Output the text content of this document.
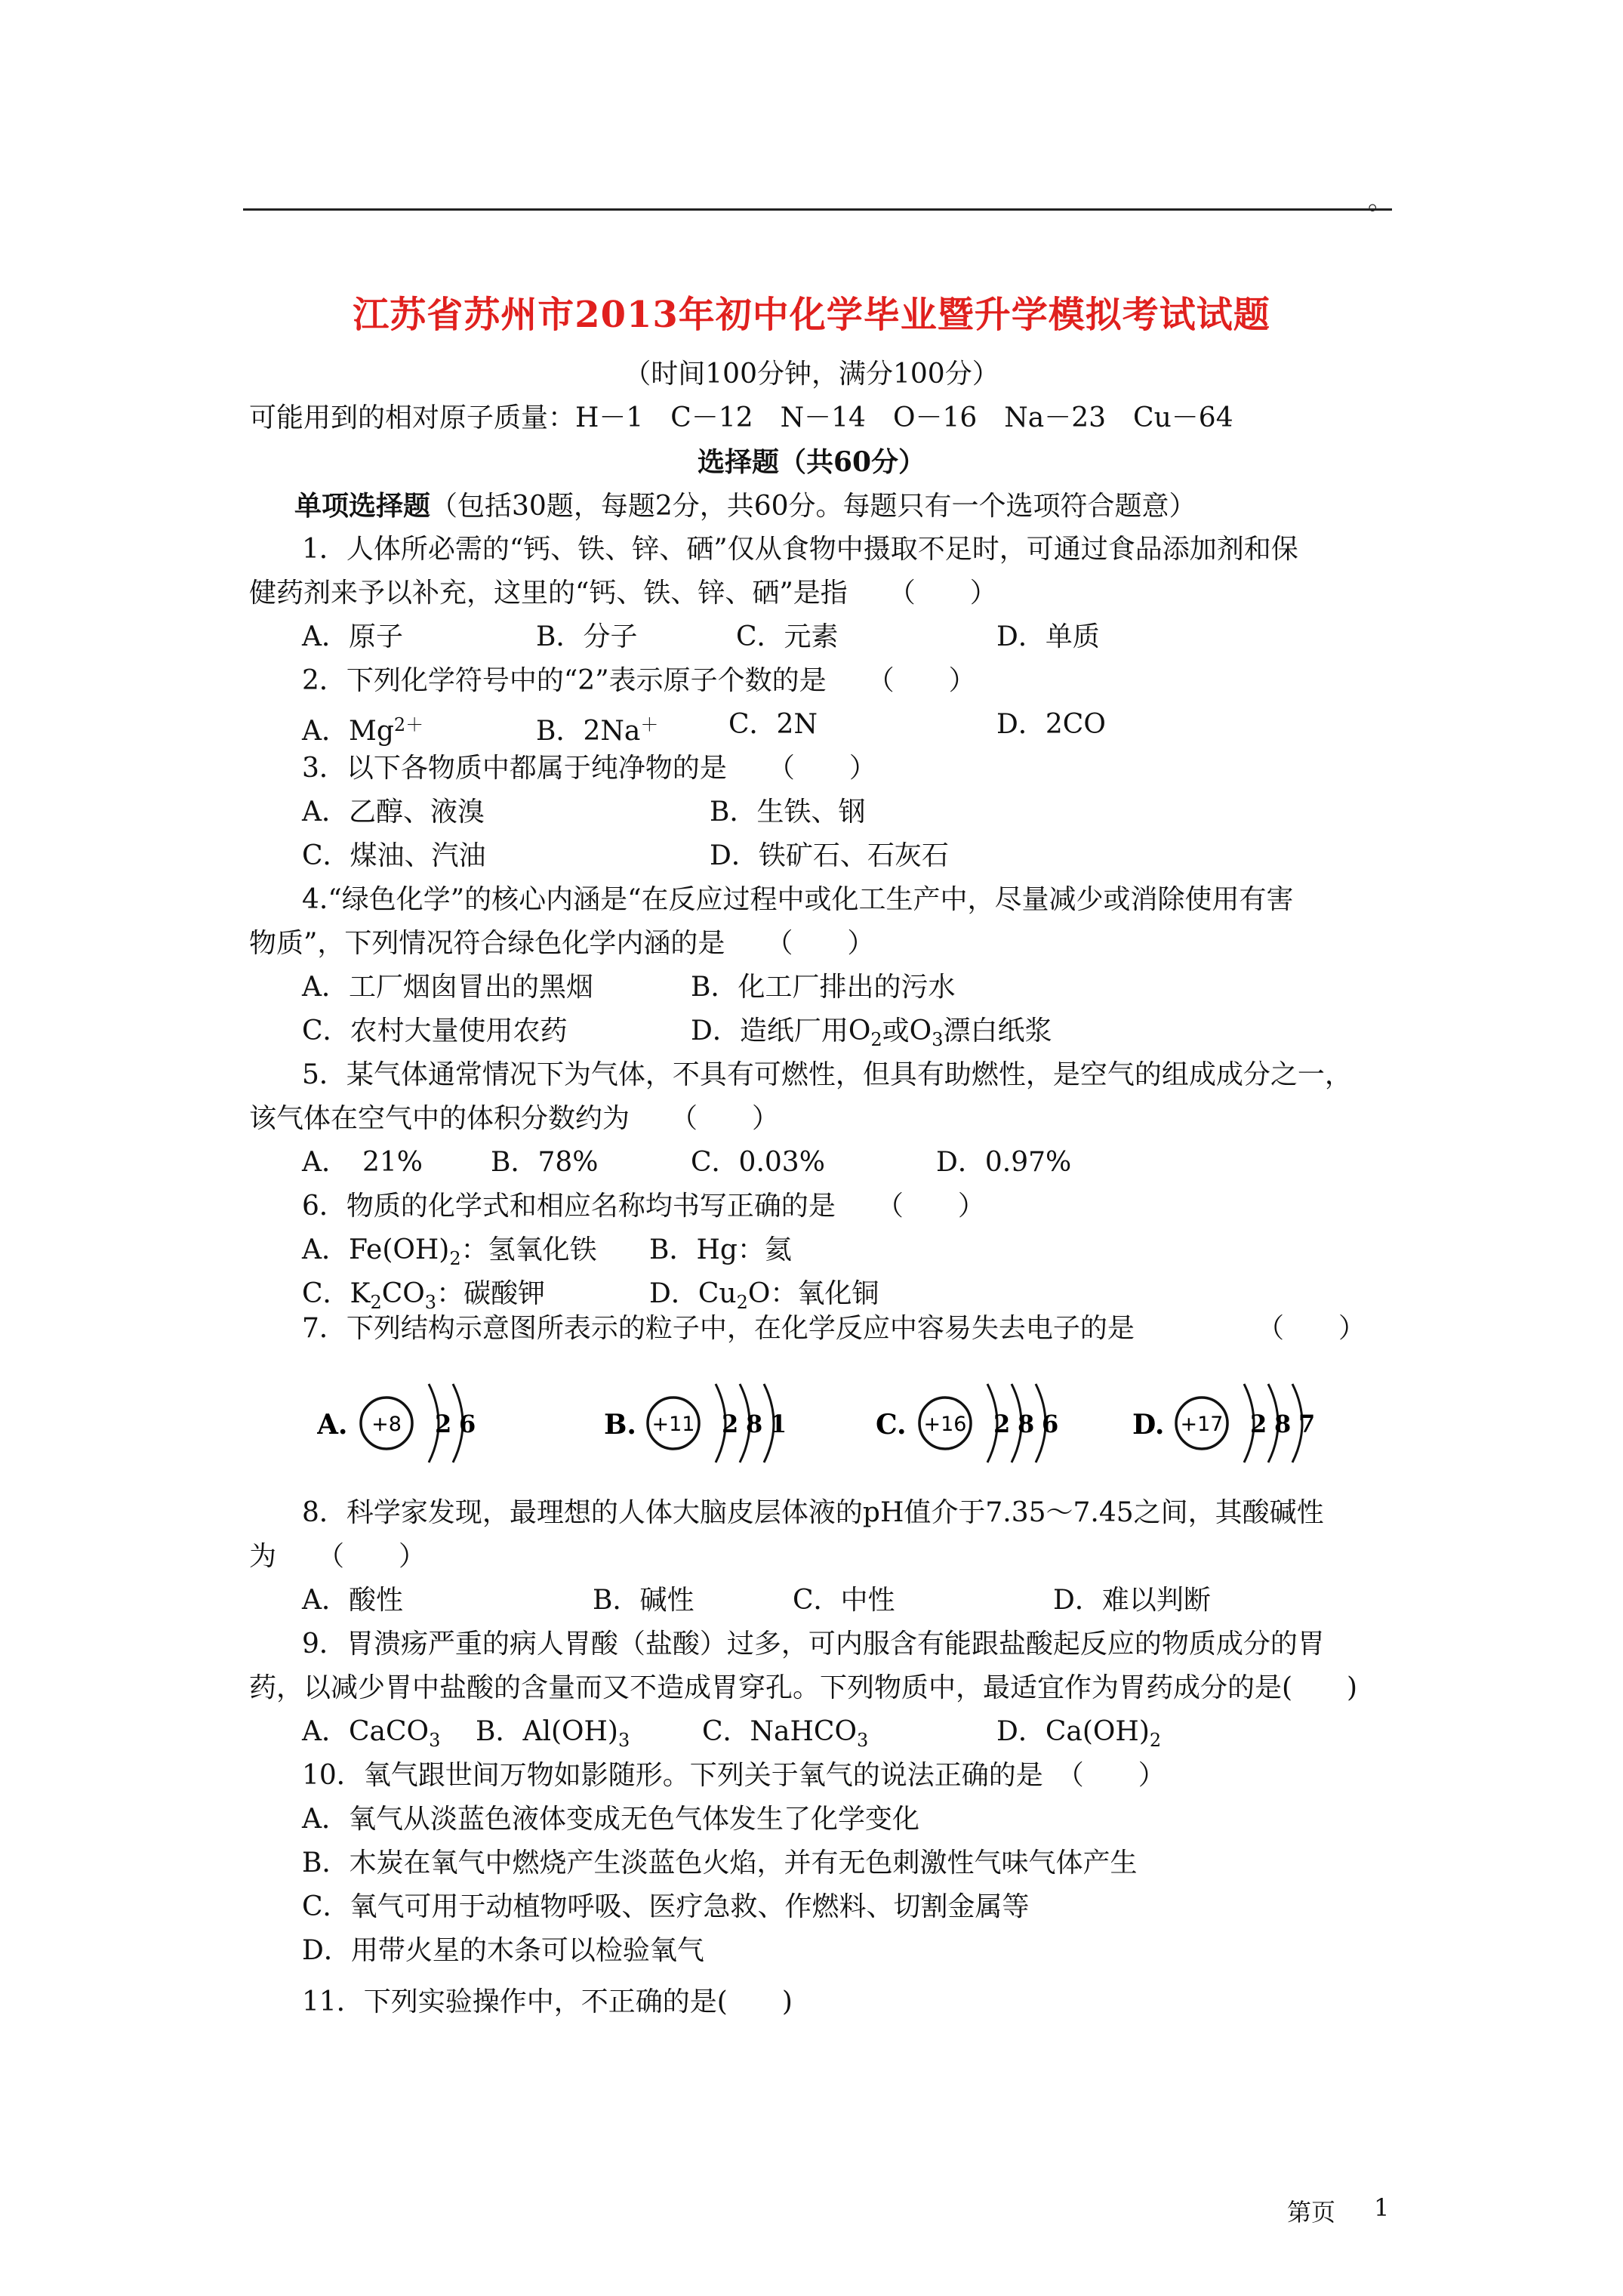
。
江苏省苏州市2013年初中化学毕业暨升学模拟考试试题
（时间100分钟，满分100分）
可能用到的相对原子质量：H－1　C－12　N－14　O－16　Na－23　Cu－64
选择题（共60分）
单项选择题（包括30题，每题2分，共60分。每题只有一个选项符合题意）
1．人体所必需的“钙、铁、锌、硒”仅从食物中摄取不足时，可通过食品添加剂和保
健药剂来予以补充，这里的“钙、铁、锌、硒”是指　　（　　）
A．原子	B．分子	C．元素	D．单质
2．下列化学符号中的“2”表示原子个数的是　　（　　）
A．$Mg^{2+}$	B．2Na＋	C．2N	D．2CO
3．以下各物质中都属于纯净物的是　　（　　）
A．乙醇、液溴	B．生铁、钢
C．煤油、汽油	D．铁矿石、石灰石
4.“绿色化学”的核心内涵是“在反应过程中或化工生产中，尽量减少或消除使用有害
物质”，下列情况符合绿色化学内涵的是　　（　　）
A．工厂烟囱冒出的黑烟	B．化工厂排出的污水
C．农村大量使用农药	D．造纸厂用$O_2$或$O_3$漂白纸浆
5．某气体通常情况下为气体，不具有可燃性，但具有助燃性，是空气的组成成分之一，
该气体在空气中的体积分数约为　　（　　）
A．　21% B．78%	C．0.03%	D．0.97%
6．物质的化学式和相应名称均书写正确的是　　（　　）
A．$Fe(OH)_2$：氢氧化铁 B．Hg：氦
C．$K_2CO_3$：碳酸钾	D．$Cu_2O$：氧化铜
7．下列结构示意图所表示的粒子中，在化学反应中容易失去电子的是	（　　）
A. +8 2 6	B. +11 2 8 1	C. +16 2 8 6	D. +17 2 8 7
8．科学家发现，最理想的人体大脑皮层体液的pH值介于7.35～7.45之间，其酸碱性
为　　（　　）
A．酸性	B．碱性	C．中性	D．难以判断
9．胃溃疡严重的病人胃酸（盐酸）过多，可内服含有能跟盐酸起反应的物质成分的胃
药，以减少胃中盐酸的含量而又不造成胃穿孔。下列物质中，最适宜作为胃药成分的是(　　)
A．CaCO$_3$ B．$Al(OH)_3$	C．NaHCO$_3$	D．$Ca(OH)_2$
10．氧气跟世间万物如影随形。下列关于氧气的说法正确的是　（　　）
A．氧气从淡蓝色液体变成无色气体发生了化学变化
B．木炭在氧气中燃烧产生淡蓝色火焰，并有无色刺激性气味气体产生
C．氧气可用于动植物呼吸、医疗急救、作燃料、切割金属等
D．用带火星的木条可以检验氧气
11．下列实验操作中，不正确的是(　　)
第页 1
